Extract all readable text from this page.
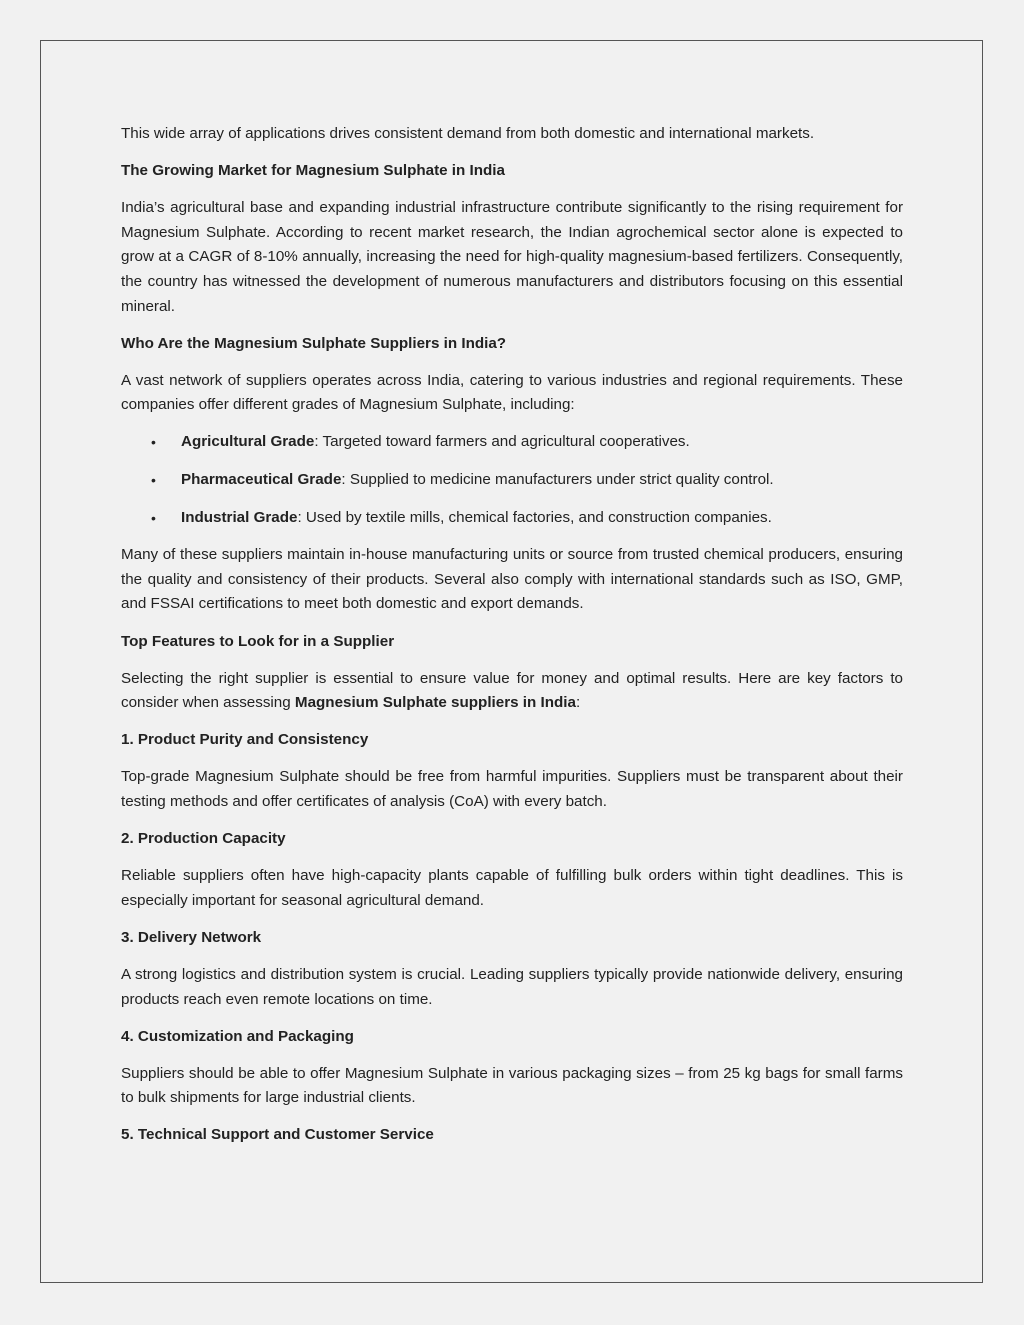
This wide array of applications drives consistent demand from both domestic and international markets.

The Growing Market for Magnesium Sulphate in India

India’s agricultural base and expanding industrial infrastructure contribute significantly to the rising requirement for Magnesium Sulphate. According to recent market research, the Indian agrochemical sector alone is expected to grow at a CAGR of 8-10% annually, increasing the need for high-quality magnesium-based fertilizers. Consequently, the country has witnessed the development of numerous manufacturers and distributors focusing on this essential mineral.

Who Are the Magnesium Sulphate Suppliers in India?

A vast network of suppliers operates across India, catering to various industries and regional requirements. These companies offer different grades of Magnesium Sulphate, including:

• Agricultural Grade: Targeted toward farmers and agricultural cooperatives.
• Pharmaceutical Grade: Supplied to medicine manufacturers under strict quality control.
• Industrial Grade: Used by textile mills, chemical factories, and construction companies.

Many of these suppliers maintain in-house manufacturing units or source from trusted chemical producers, ensuring the quality and consistency of their products. Several also comply with international standards such as ISO, GMP, and FSSAI certifications to meet both domestic and export demands.

Top Features to Look for in a Supplier

Selecting the right supplier is essential to ensure value for money and optimal results. Here are key factors to consider when assessing Magnesium Sulphate suppliers in India:

1. Product Purity and Consistency

Top-grade Magnesium Sulphate should be free from harmful impurities. Suppliers must be transparent about their testing methods and offer certificates of analysis (CoA) with every batch.

2. Production Capacity

Reliable suppliers often have high-capacity plants capable of fulfilling bulk orders within tight deadlines. This is especially important for seasonal agricultural demand.

3. Delivery Network

A strong logistics and distribution system is crucial. Leading suppliers typically provide nationwide delivery, ensuring products reach even remote locations on time.

4. Customization and Packaging

Suppliers should be able to offer Magnesium Sulphate in various packaging sizes – from 25 kg bags for small farms to bulk shipments for large industrial clients.

5. Technical Support and Customer Service
